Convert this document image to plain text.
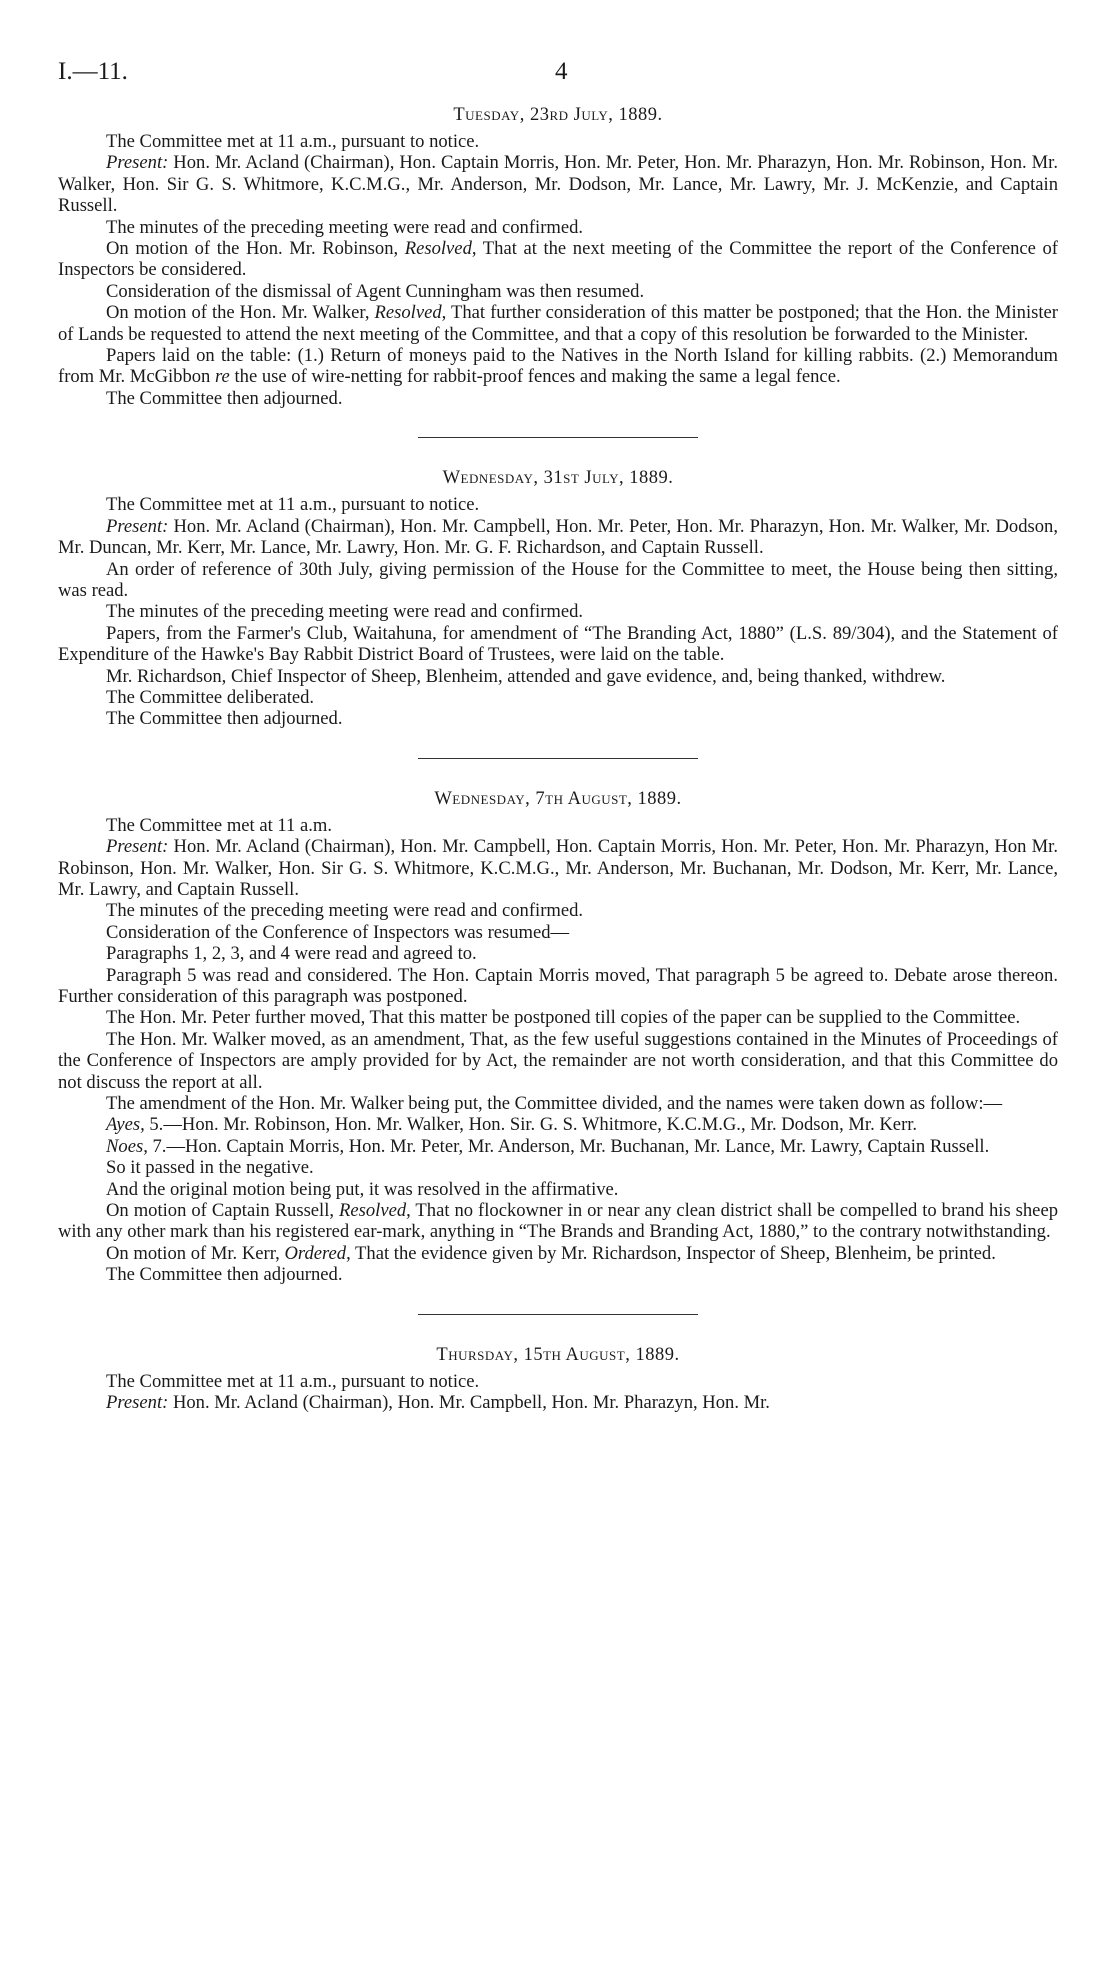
I.—11.	4
Tuesday, 23rd July, 1889.

The Committee met at 11 a.m., pursuant to notice.

Present: Hon. Mr. Acland (Chairman), Hon. Captain Morris, Hon. Mr. Peter, Hon. Mr. Pharazyn, Hon. Mr. Robinson, Hon. Mr. Walker, Hon. Sir G. S. Whitmore, K.C.M.G., Mr. Anderson, Mr. Dodson, Mr. Lance, Mr. Lawry, Mr. J. McKenzie, and Captain Russell.

The minutes of the preceding meeting were read and confirmed.

On motion of the Hon. Mr. Robinson, Resolved, That at the next meeting of the Committee the report of the Conference of Inspectors be considered.

Consideration of the dismissal of Agent Cunningham was then resumed.

On motion of the Hon. Mr. Walker, Resolved, That further consideration of this matter be postponed; that the Hon. the Minister of Lands be requested to attend the next meeting of the Committee, and that a copy of this resolution be forwarded to the Minister.

Papers laid on the table: (1.) Return of moneys paid to the Natives in the North Island for killing rabbits. (2.) Memorandum from Mr. McGibbon re the use of wire-netting for rabbit-proof fences and making the same a legal fence.

The Committee then adjourned.

Wednesday, 31st July, 1889.

The Committee met at 11 a.m., pursuant to notice.

Present: Hon. Mr. Acland (Chairman), Hon. Mr. Campbell, Hon. Mr. Peter, Hon. Mr. Pharazyn, Hon. Mr. Walker, Mr. Dodson, Mr. Duncan, Mr. Kerr, Mr. Lance, Mr. Lawry, Hon. Mr. G. F. Richardson, and Captain Russell.

An order of reference of 30th July, giving permission of the House for the Committee to meet, the House being then sitting, was read.

The minutes of the preceding meeting were read and confirmed.

Papers, from the Farmer's Club, Waitahuna, for amendment of “The Branding Act, 1880” (L.S. 89/304), and the Statement of Expenditure of the Hawke's Bay Rabbit District Board of Trustees, were laid on the table.

Mr. Richardson, Chief Inspector of Sheep, Blenheim, attended and gave evidence, and, being thanked, withdrew.

The Committee deliberated.

The Committee then adjourned.

Wednesday, 7th August, 1889.

The Committee met at 11 a.m.

Present: Hon. Mr. Acland (Chairman), Hon. Mr. Campbell, Hon. Captain Morris, Hon. Mr. Peter, Hon. Mr. Pharazyn, Hon Mr. Robinson, Hon. Mr. Walker, Hon. Sir G. S. Whitmore, K.C.M.G., Mr. Anderson, Mr. Buchanan, Mr. Dodson, Mr. Kerr, Mr. Lance, Mr. Lawry, and Captain Russell.

The minutes of the preceding meeting were read and confirmed.

Consideration of the Conference of Inspectors was resumed—

Paragraphs 1, 2, 3, and 4 were read and agreed to.

Paragraph 5 was read and considered. The Hon. Captain Morris moved, That paragraph 5 be agreed to. Debate arose thereon. Further consideration of this paragraph was postponed.

The Hon. Mr. Peter further moved, That this matter be postponed till copies of the paper can be supplied to the Committee.

The Hon. Mr. Walker moved, as an amendment, That, as the few useful suggestions contained in the Minutes of Proceedings of the Conference of Inspectors are amply provided for by Act, the remainder are not worth consideration, and that this Committee do not discuss the report at all.

The amendment of the Hon. Mr. Walker being put, the Committee divided, and the names were taken down as follow:—

Ayes, 5.—Hon. Mr. Robinson, Hon. Mr. Walker, Hon. Sir. G. S. Whitmore, K.C.M.G., Mr. Dodson, Mr. Kerr.

Noes, 7.—Hon. Captain Morris, Hon. Mr. Peter, Mr. Anderson, Mr. Buchanan, Mr. Lance, Mr. Lawry, Captain Russell.

So it passed in the negative.

And the original motion being put, it was resolved in the affirmative.

On motion of Captain Russell, Resolved, That no flockowner in or near any clean district shall be compelled to brand his sheep with any other mark than his registered ear-mark, anything in “The Brands and Branding Act, 1880,” to the contrary notwithstanding.

On motion of Mr. Kerr, Ordered, That the evidence given by Mr. Richardson, Inspector of Sheep, Blenheim, be printed.

The Committee then adjourned.

Thursday, 15th August, 1889.

The Committee met at 11 a.m., pursuant to notice.

Present: Hon. Mr. Acland (Chairman), Hon. Mr. Campbell, Hon. Mr. Pharazyn, Hon. Mr.
